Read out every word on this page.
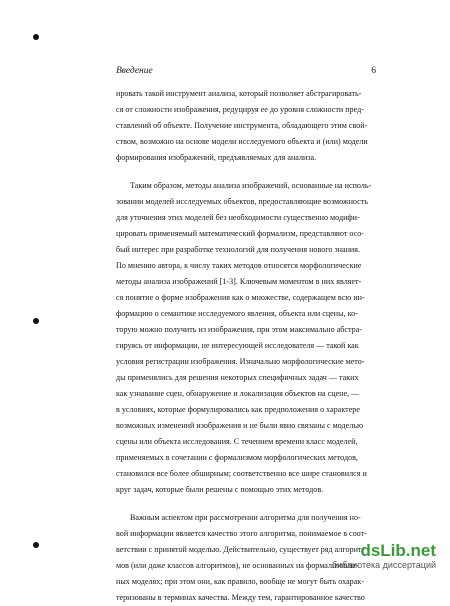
Введение	6

ировать такой инструмент анализа, который позволяет абстрагировать-
ся от сложности изображения, редуцируя ее до уровня сложности пред-
ставлений об объекте. Получение инструмента, обладающего этим свой-
ством, возможно на основе модели исследуемого объекта и (или) модели
формирования изображений, предъявляемых для анализа.

Таким образом, методы анализа изображений, основанные на исполь-
зовании моделей исследуемых объектов, предоставляющие возможность
для уточнения этих моделей без необходимости существенно модифи-
цировать применяемый математический формализм, представляют осо-
бый интерес при разработке технологий для получения нового знания.
По мнению автора, к числу таких методов относятся морфологические
методы анализа изображений [1-3]. Ключевым моментом в них являет-
ся понятие о форме изображения как о множестве, содержащем всю ин-
формацию о семантике исследуемого явления, объекта или сцены, ко-
торую можно получить из изображения, при этом максимально абстра-
гируясь от информации, не интересующей исследователя — такой как
условия регистрации изображения. Изначально морфологические мето-
ды применялись для решения некоторых специфичных задач — таких
как узнавание сцен, обнаружение и локализация объектов на сцене, —
в условиях, которые формулировались как предположения о характере
возможных изменений изображения и не были явно связаны с моделью
сцены или объекта исследования. С течением времени класс моделей,
применяемых в сочетании с формализмом морфологических методов,
становился все более обширным; соответственно все шире становился и
круг задач, которые были решены с помощью этих методов.

Важным аспектом при рассмотрении алгоритма для получения но-
вой информации является качество этого алгоритма, понимаемое в соот-
ветствии с принятой моделью. Действительно, существует ряд алгорит-
мов (или даже классов алгоритмов), не основанных на формализован-
ных моделях; при этом они, как правило, вообще не могут быть охарак-
теризованы в терминах качества. Между тем, гарантированное качество

dsLib.net
библиотека диссертаций
